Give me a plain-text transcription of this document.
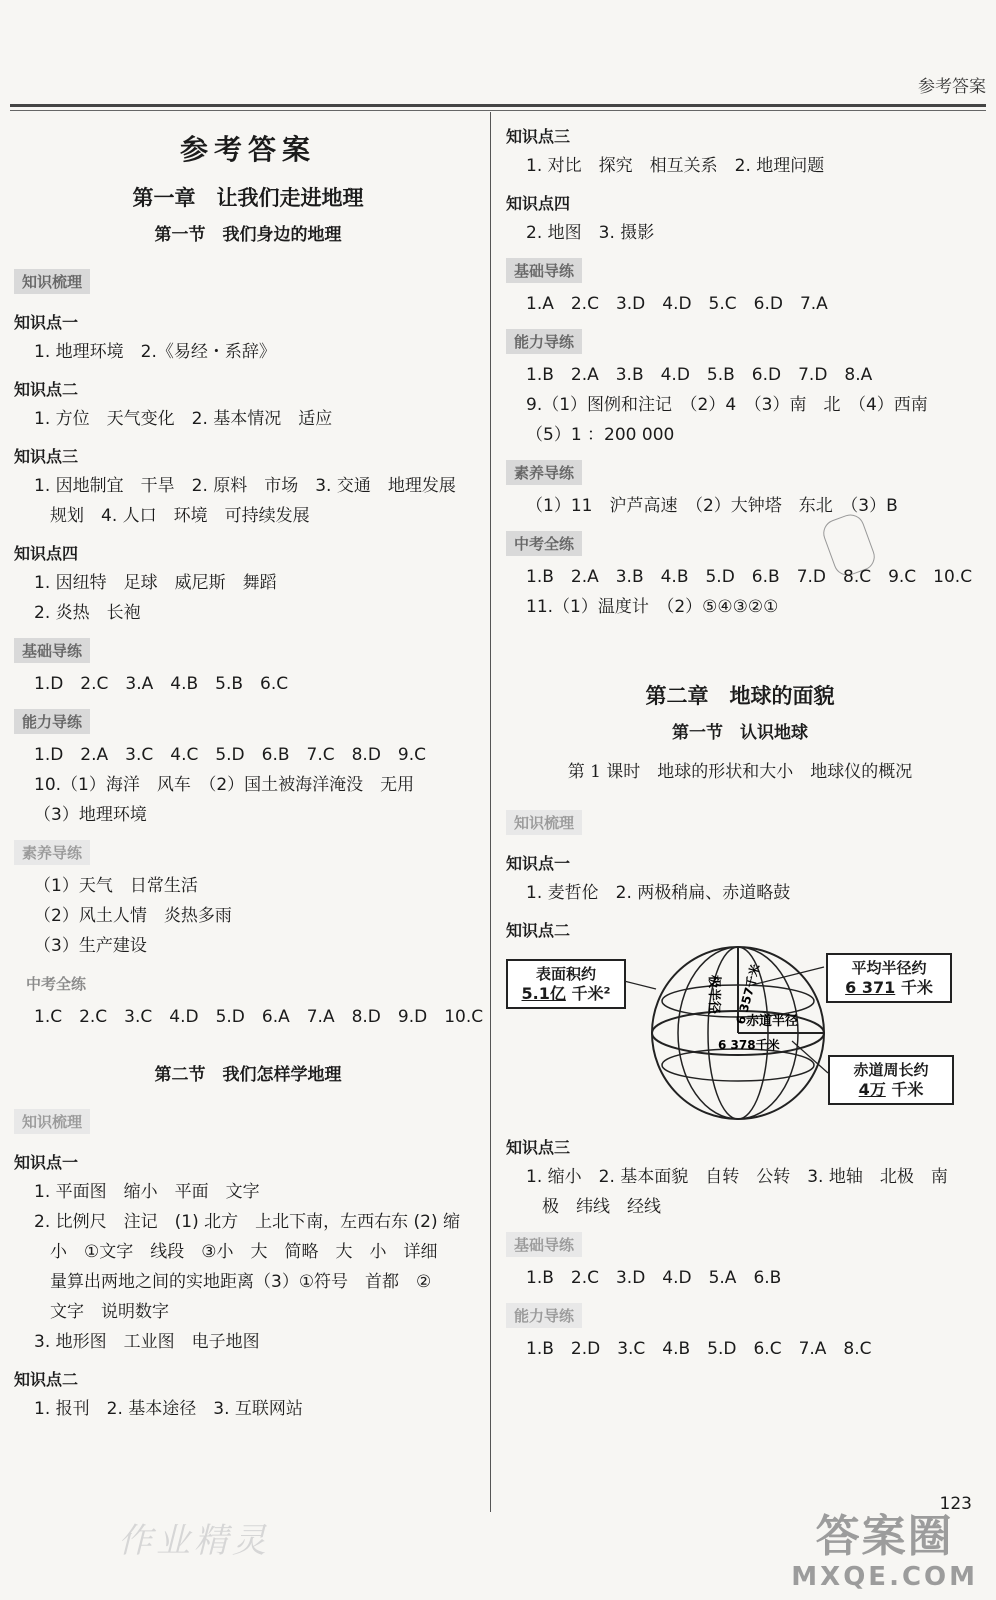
参考答案
参考答案
第一章　让我们走进地理
第一节　我们身边的地理
知识梳理
知识点一
1. 地理环境　2.《易经・系辞》
知识点二
1. 方位　天气变化　2. 基本情况　适应
知识点三
1. 因地制宜　干旱　2. 原料　市场　3. 交通　地理发展
规划　4. 人口　环境　可持续发展
知识点四
1. 因纽特　足球　威尼斯　舞蹈
2. 炎热　长袍
基础导练
1.D　2.C　3.A　4.B　5.B　6.C
能力导练
1.D　2.A　3.C　4.C　5.D　6.B　7.C　8.D　9.C
10.（1）海洋　风车　（2）国土被海洋淹没　无用
（3）地理环境
素养导练
（1）天气　日常生活
（2）风土人情　炎热多雨
（3）生产建设
中考全练
1.C　2.C　3.C　4.D　5.D　6.A　7.A　8.D　9.D　10.C
第二节　我们怎样学地理
知识梳理
知识点一
1. 平面图　缩小　平面　文字
2. 比例尺　注记　(1) 北方　上北下南，左西右东 (2) 缩
小　①文字　线段　③小　大　简略　大　小　详细
量算出两地之间的实地距离（3）①符号　首都　②
文字　说明数字
3. 地形图　工业图　电子地图
知识点二
1. 报刊　2. 基本途径　3. 互联网站
知识点三
1. 对比　探究　相互关系　2. 地理问题
知识点四
2. 地图　3. 摄影
基础导练
1.A　2.C　3.D　4.D　5.C　6.D　7.A
能力导练
1.B　2.A　3.B　4.D　5.B　6.D　7.D　8.A
9.（1）图例和注记　（2）4　（3）南　北　（4）西南
（5）1 ：200 000
素养导练
（1）11　沪芦高速　（2）大钟塔　东北　（3）B
中考全练
1.B　2.A　3.B　4.B　5.D　6.B　7.D　8.C　9.C　10.C
11.（1）温度计　（2）⑤④③②①
第二章　地球的面貌
第一节　认识地球
第 1 课时　地球的形状和大小　地球仪的概况
知识梳理
知识点一
1. 麦哲伦　2. 两极稍扁、赤道略鼓
知识点二
极半径 6 357千米
赤道半径
6 378千米
表面积约
5.1亿 千米²
平均半径约
6 371 千米
赤道周长约
4万 千米
知识点三
1. 缩小　2. 基本面貌　自转　公转　3. 地轴　北极　南
极　纬线　经线
基础导练
1.B　2.C　3.D　4.D　5.A　6.B
能力导练
1.B　2.D　3.C　4.B　5.D　6.C　7.A　8.C
123
作业精灵	答案圈
MXQE.COM
